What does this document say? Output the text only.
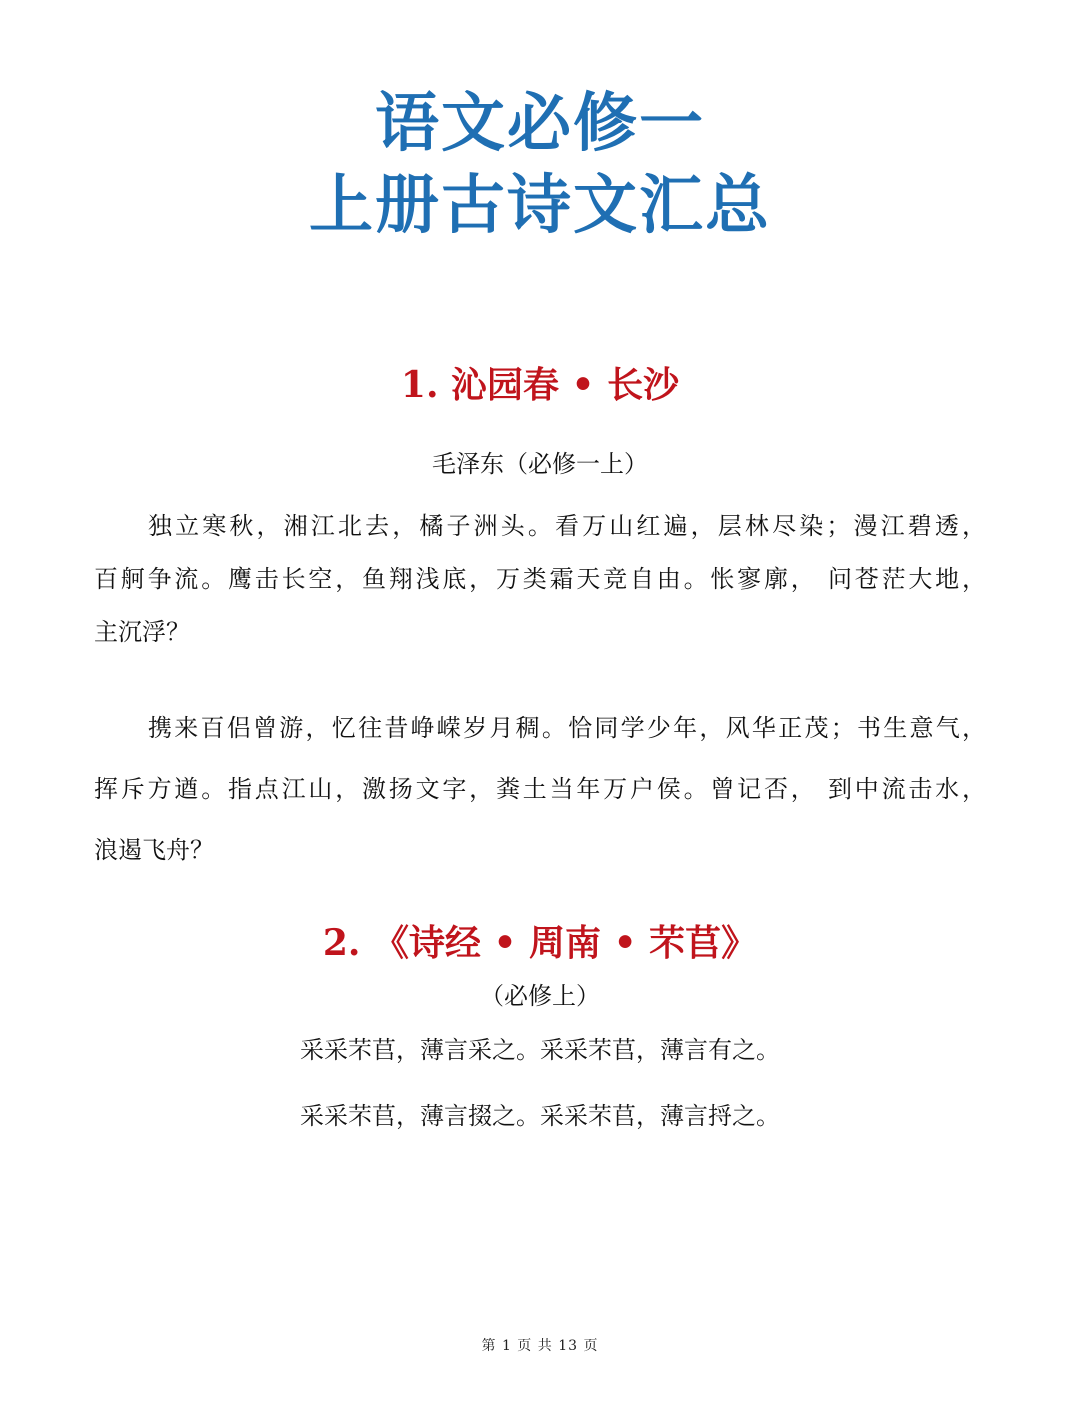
语文必修一
上册古诗文汇总
1. 沁园春 • 长沙
毛泽东（必修一上）
独立寒秋，湘江北去，橘子洲头。看万山红遍，层林尽染；漫江碧透，
百舸争流。鹰击长空，鱼翔浅底，万类霜天竞自由。怅寥廓， 问苍茫大地，
主沉浮？
携来百侣曾游，忆往昔峥嵘岁月稠。恰同学少年，风华正茂；书生意气，
挥斥方遒。指点江山，激扬文字，粪土当年万户侯。曾记否， 到中流击水，
浪遏飞舟？
2. 《诗经 • 周南 • 芣苢》
（必修上）
采采芣苢，薄言采之。采采芣苢，薄言有之。
采采芣苢，薄言掇之。采采芣苢，薄言捋之。
第 1 页 共 13 页
